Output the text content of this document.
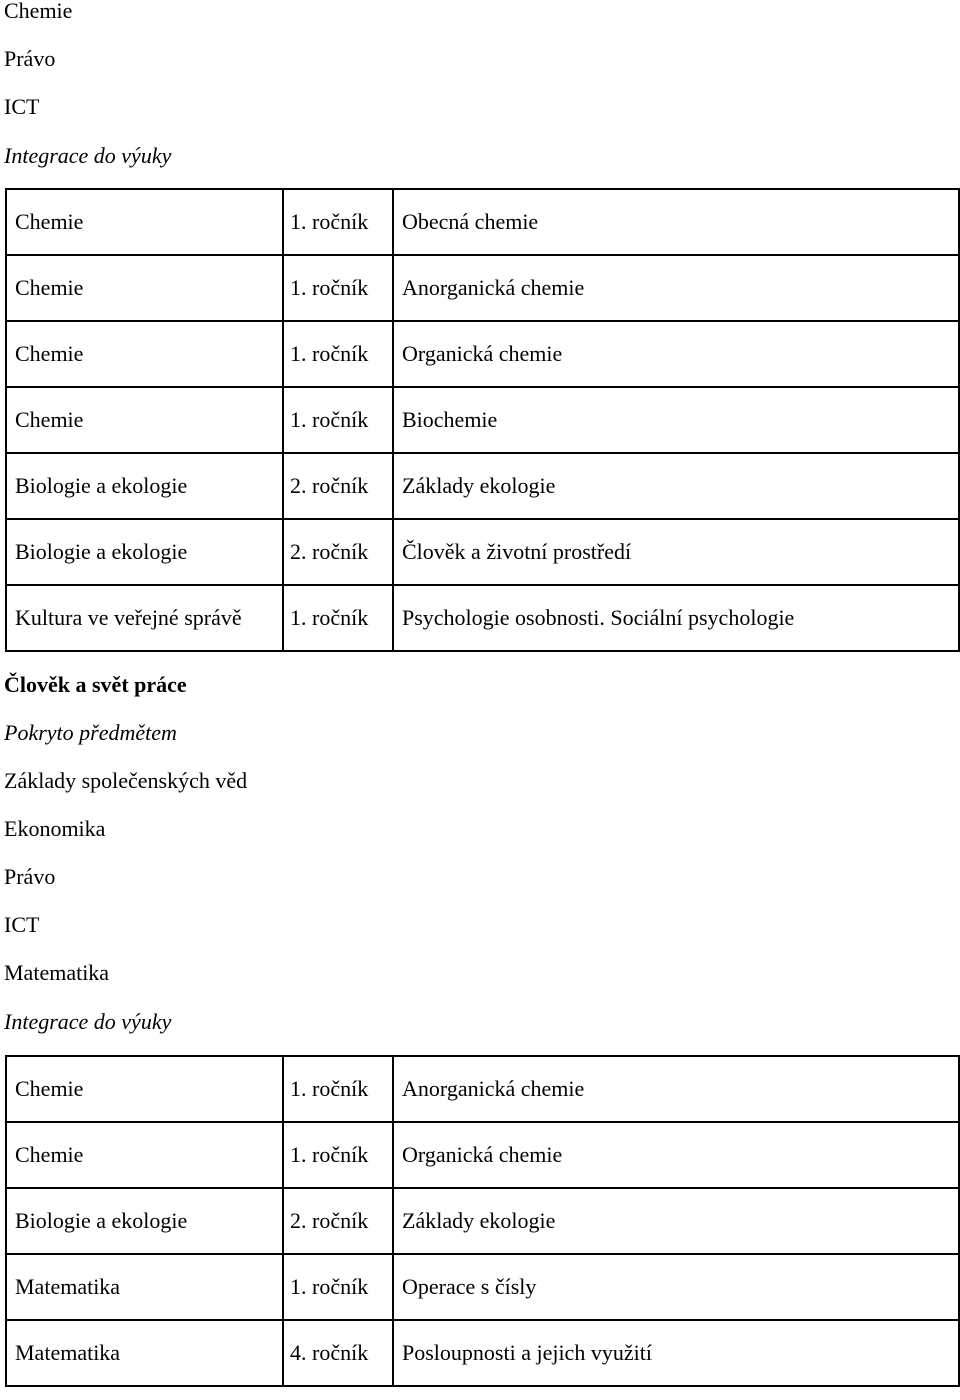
Chemie
Právo
ICT
Integrace do výuky
Chemie	1. ročník	Obecná chemie
Chemie	1. ročník	Anorganická chemie
Chemie	1. ročník	Organická chemie
Chemie	1. ročník	Biochemie
Biologie a ekologie	2. ročník	Základy ekologie
Biologie a ekologie	2. ročník	Člověk a životní prostředí
Kultura ve veřejné správě	1. ročník	Psychologie osobnosti. Sociální psychologie
Člověk a svět práce
Pokryto předmětem
Základy společenských věd
Ekonomika
Právo
ICT
Matematika
Integrace do výuky
Chemie	1. ročník	Anorganická chemie
Chemie	1. ročník	Organická chemie
Biologie a ekologie	2. ročník	Základy ekologie
Matematika	1. ročník	Operace s čísly
Matematika	4. ročník	Posloupnosti a jejich využití
